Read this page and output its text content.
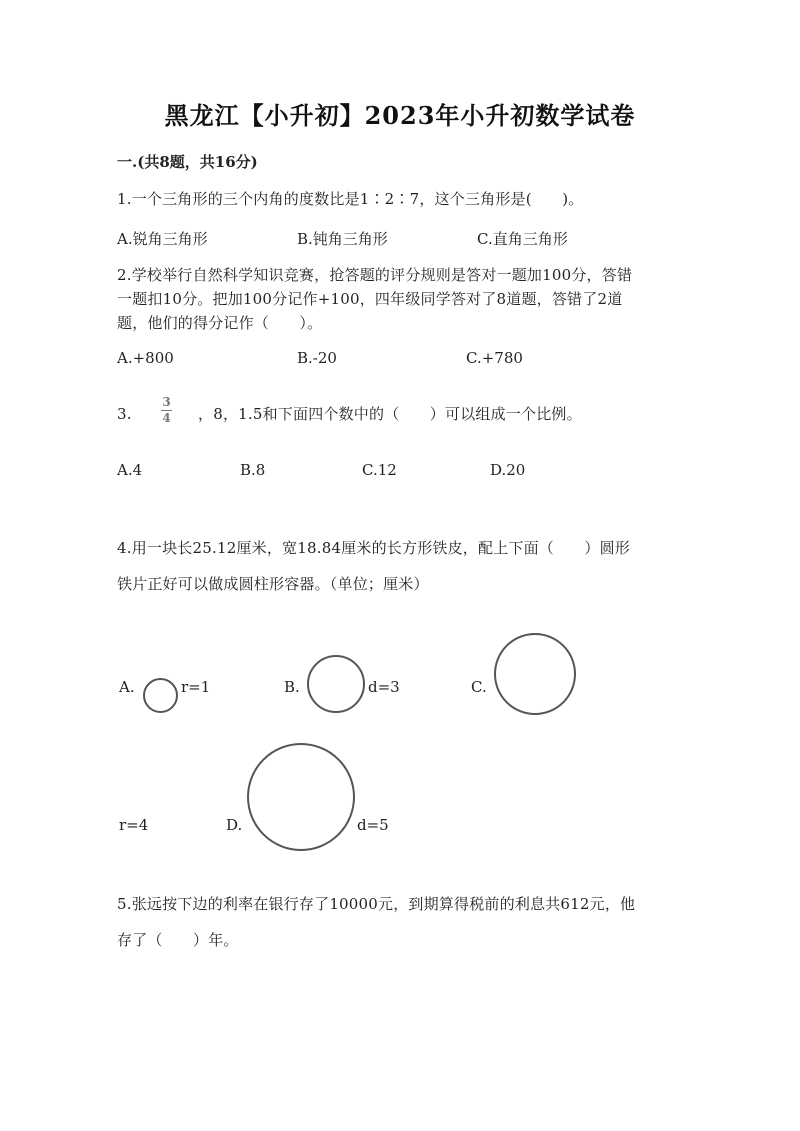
黑龙江【小升初】2023年小升初数学试卷
一.(共8题，共16分)
1.一个三角形的三个内角的度数比是1∶2∶7，这个三角形是(　　)。
A.锐角三角形	B.钝角三角形	C.直角三角形
2.学校举行自然科学知识竞赛，抢答题的评分规则是答对一题加100分，答错
一题扣10分。把加100分记作+100，四年级同学答对了8道题，答错了2道
题，他们的得分记作（　　）。
A.+800	B.-20	C.+780
3.
3
4 ，8，1.5和下面四个数中的（　　）可以组成一个比例。
A.4	B.8	C.12	D.20
4.用一块长25.12厘米，宽18.84厘米的长方形铁皮，配上下面（　　）圆形
铁片正好可以做成圆柱形容器。（单位；厘米）
A.	r=1	B.	d=3	C.
r=4	D.	d=5
5.张远按下边的利率在银行存了10000元，到期算得税前的利息共612元，他
存了（　　）年。
